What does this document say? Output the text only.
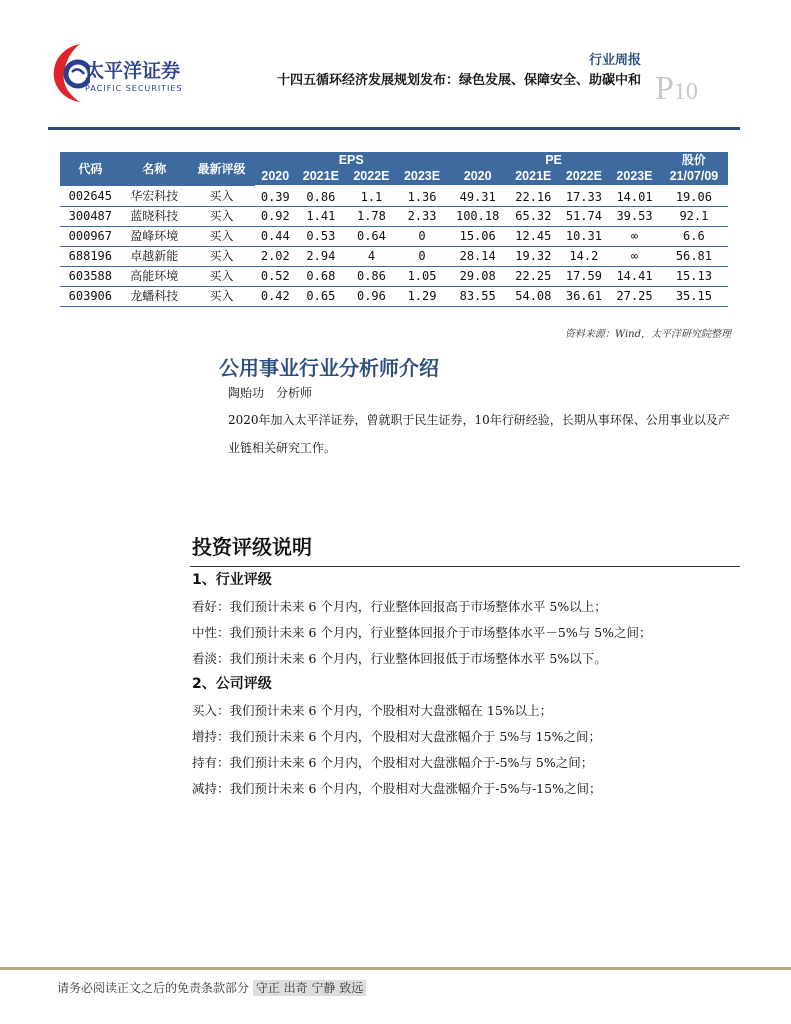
太平洋证券
PACIFIC SECURITIES
行业周报
十四五循环经济发展规划发布：绿色发展、保障安全、助碳中和 P10
代码	名称	最新评级	EPS				PE				股价
			2020	2021E	2022E	2023E	2020	2021E	2022E	2023E	21/07/09
002645	华宏科技	买入	0.39	0.86	1.1	1.36	49.31	22.16	17.33	14.01	19.06
300487	蓝晓科技	买入	0.92	1.41	1.78	2.33	100.18	65.32	51.74	39.53	92.1
000967	盈峰环境	买入	0.44	0.53	0.64	0	15.06	12.45	10.31	∞	6.6
688196	卓越新能	买入	2.02	2.94	4	0	28.14	19.32	14.2	∞	56.81
603588	高能环境	买入	0.52	0.68	0.86	1.05	29.08	22.25	17.59	14.41	15.13
603906	龙蟠科技	买入	0.42	0.65	0.96	1.29	83.55	54.08	36.61	27.25	35.15
资料来源：Wind，太平洋研究院整理
公用事业行业分析师介绍
陶贻功　分析师
2020年加入太平洋证券，曾就职于民生证券，10年行研经验，长期从事环保、公用事业以及产业链相关研究工作。
投资评级说明
1、行业评级
看好：我们预计未来 6 个月内，行业整体回报高于市场整体水平 5%以上；
中性：我们预计未来 6 个月内，行业整体回报介于市场整体水平－5%与 5%之间；
看淡：我们预计未来 6 个月内，行业整体回报低于市场整体水平 5%以下。
2、公司评级
买入：我们预计未来 6 个月内，个股相对大盘涨幅在 15%以上；
增持：我们预计未来 6 个月内，个股相对大盘涨幅介于 5%与 15%之间；
持有：我们预计未来 6 个月内，个股相对大盘涨幅介于-5%与 5%之间；
减持：我们预计未来 6 个月内，个股相对大盘涨幅介于-5%与-15%之间；
请务必阅读正文之后的免责条款部分 守正 出奇 宁静 致远
